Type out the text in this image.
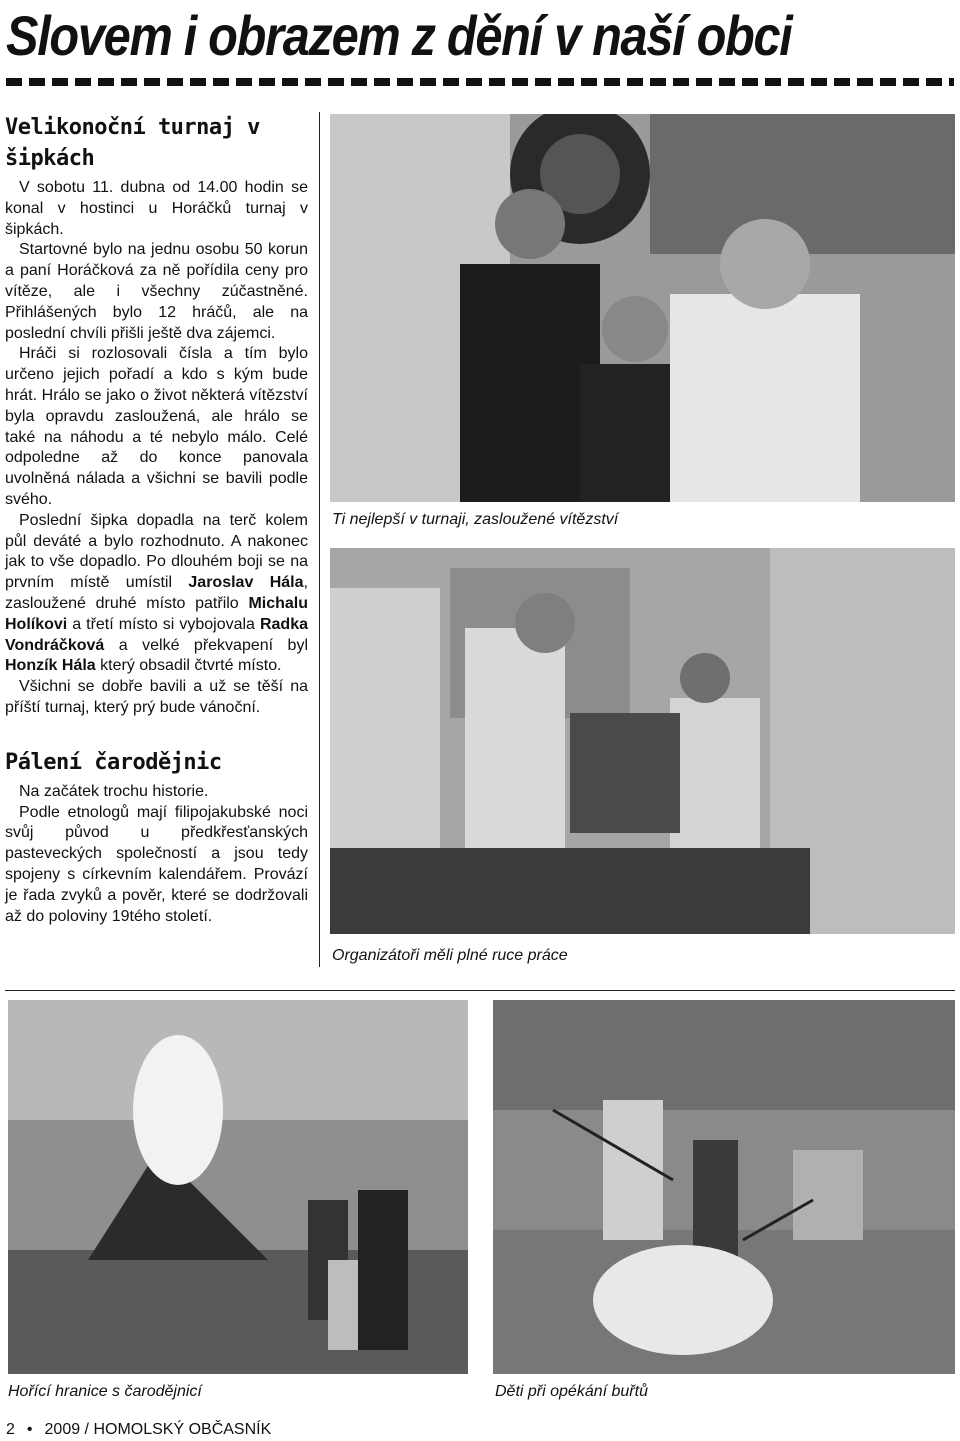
Slovem i obrazem z dění v naší obci
Velikonoční turnaj v šipkách

V sobotu 11. dubna od 14.00 hodin se konal v hostinci u Horáčků turnaj v šipkách.

Startovné bylo na jednu osobu 50 korun a paní Horáčková za ně pořídila ceny pro vítěze, ale i všechny zúčastněné. Přihlášených bylo 12 hráčů, ale na poslední chvíli přišli ještě dva zájemci.

Hráči si rozlosovali čísla a tím bylo určeno jejich pořadí a kdo s kým bude hrát. Hrálo se jako o život některá vítězství byla opravdu zasloužená, ale hrálo se také na náhodu a té nebylo málo. Celé odpoledne až do konce panovala uvolněná nálada a všichni se bavili podle svého.

Poslední šipka dopadla na terč kolem půl deváté a bylo rozhodnuto. A nakonec jak to vše dopadlo. Po dlouhém boji se na prvním místě umístil Jaroslav Hála, zasloužené druhé místo patřilo Michalu Holíkovi a třetí místo si vybojovala Radka Vondráčková a velké překvapení byl Honzík Hála který obsadil čtvrté místo.

Všichni se dobře bavili a už se těší na příští turnaj, který prý bude vánoční.

Pálení čarodějnic

Na začátek trochu historie.

Podle etnologů mají filipojakubské noci svůj původ u předkřesťanských pasteveckých společností a jsou tedy spojeny s církevním kalendářem. Provází je řada zvyků a pověr, které se dodržovali až do poloviny 19tého století.

Ti nejlepší v turnaji, zasloužené vítězství
Organizátoři měli plné ruce práce
Hořící hranice s čarodějnicí	Děti při opékání buřtů
2 • 2009 / HOMOLSKÝ OBČASNÍK
